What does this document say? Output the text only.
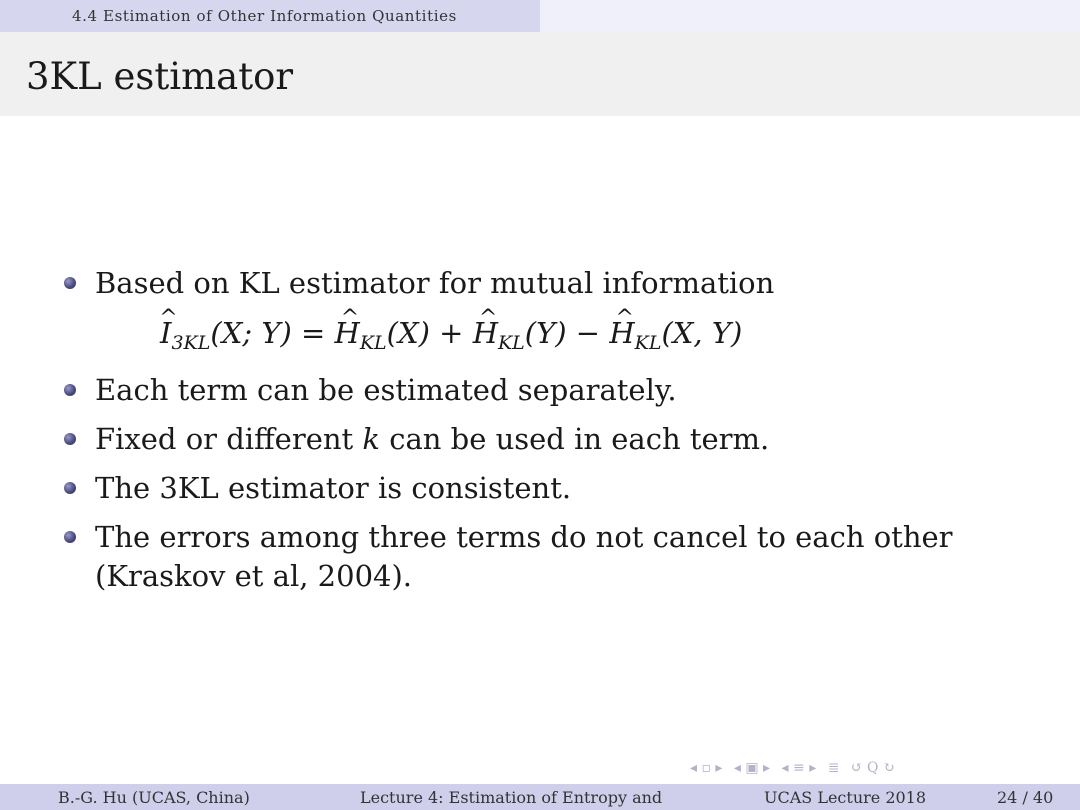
4.4 Estimation of Other Information Quantities
3KL estimator
Based on KL estimator for mutual information
^ $I_{3KL}(X$; Y) = ^ $H_{KL}(X)$ + ^ $H_{KL}(Y)$ − ^ $H_{KL}(X$, Y)
Each term can be estimated separately.
Fixed or different k can be used in each term.
The 3KL estimator is consistent.
The errors among three terms do not cancel to each other
(Kraskov et al, 2004).
◂ ▫ ▸ ◂ ▣ ▸ ◂ ≡ ▸ ≣ ↺ Q ↻
B.-G. Hu (UCAS, China)	Lecture 4: Estimation of Entropy and	UCAS Lecture 2018	24 / 40
